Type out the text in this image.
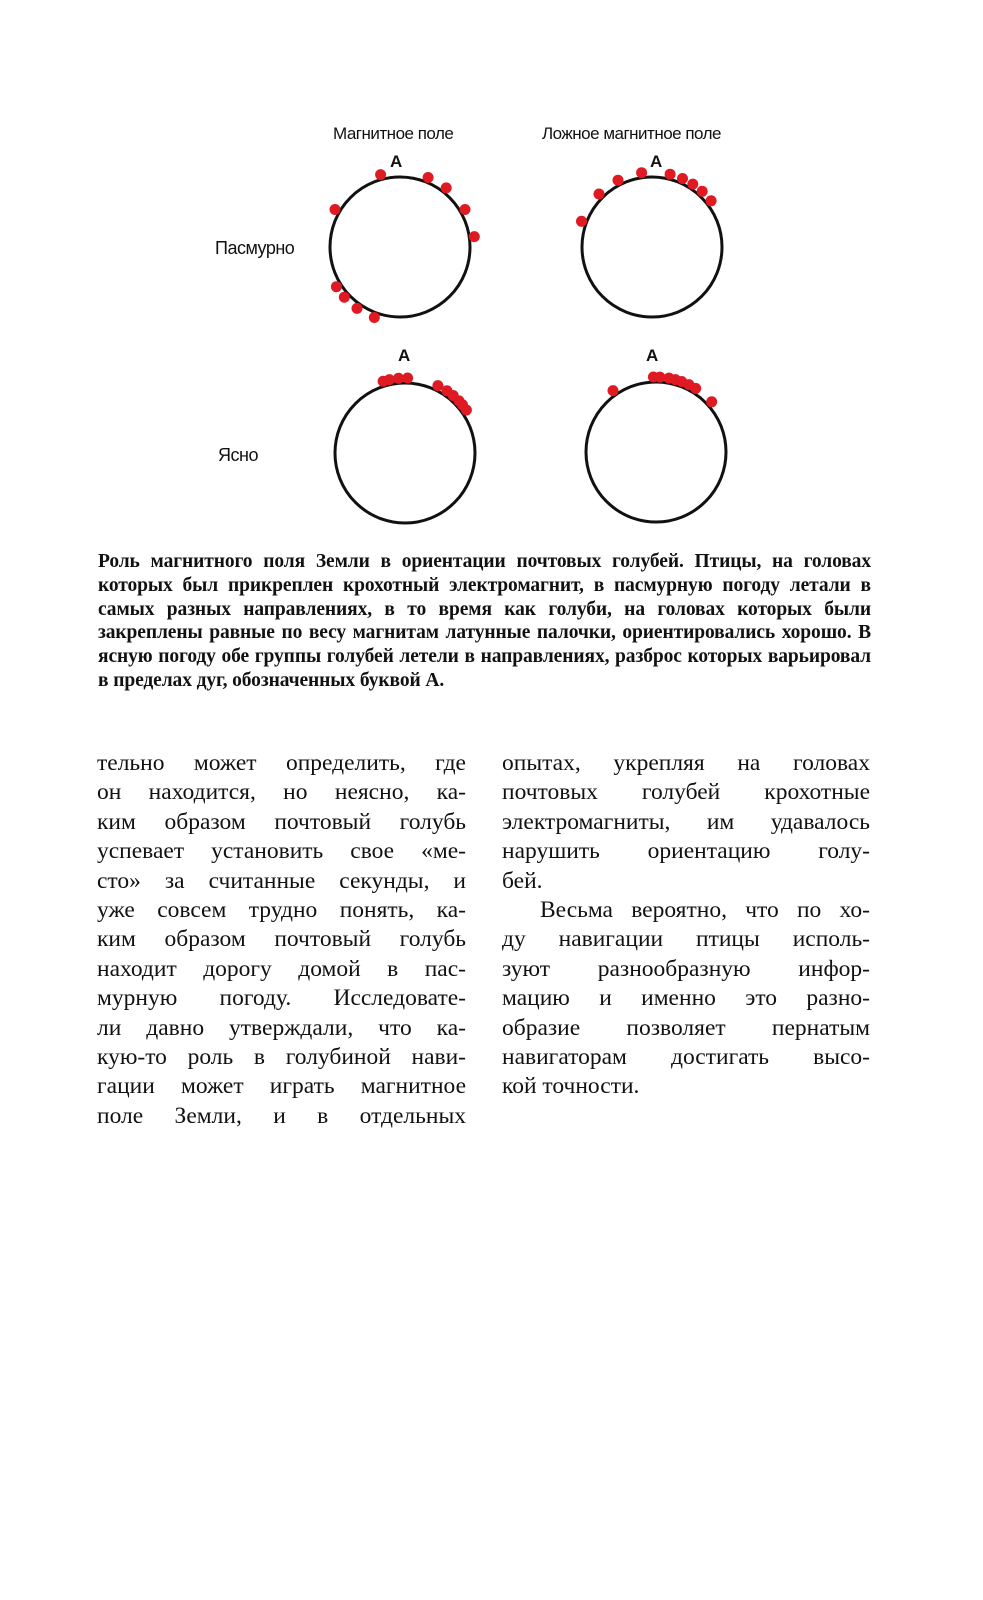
Магнитное поле	Ложное магнитное поле
Пасмурно
Ясно
A	A
A	A

Роль магнитного поля Земли в ориентации почтовых голубей. Птицы, на головах которых был прикреплен крохотный электромагнит, в пасмурную погоду летали в самых разных направлениях, в то время как голуби, на головах которых были закреплены равные по весу магнитам латунные палочки, ориентировались хорошо. В ясную погоду обе группы голубей летели в направлениях, разброс которых варьировал в пределах дуг, обозначенных буквой А.

тельно может определить, где

он находится, но неясно, ка-

ким образом почтовый голубь

успевает установить свое «ме-

сто» за считанные секунды, и

уже совсем трудно понять, ка-

ким образом почтовый голубь

находит дорогу домой в пас-

мурную погоду. Исследовате-

ли давно утверждали, что ка-

кую-то роль в голубиной нави-

гации может играть магнитное

поле Земли, и в отдельных

опытах, укрепляя на головах

почтовых голубей крохотные

электромагниты, им удавалось

нарушить ориентацию голу-

бей.

Весьма вероятно, что по хо-

ду навигации птицы исполь-

зуют разнообразную инфор-

мацию и именно это разно-

образие позволяет пернатым

навигаторам достигать высо-

кой точности.
